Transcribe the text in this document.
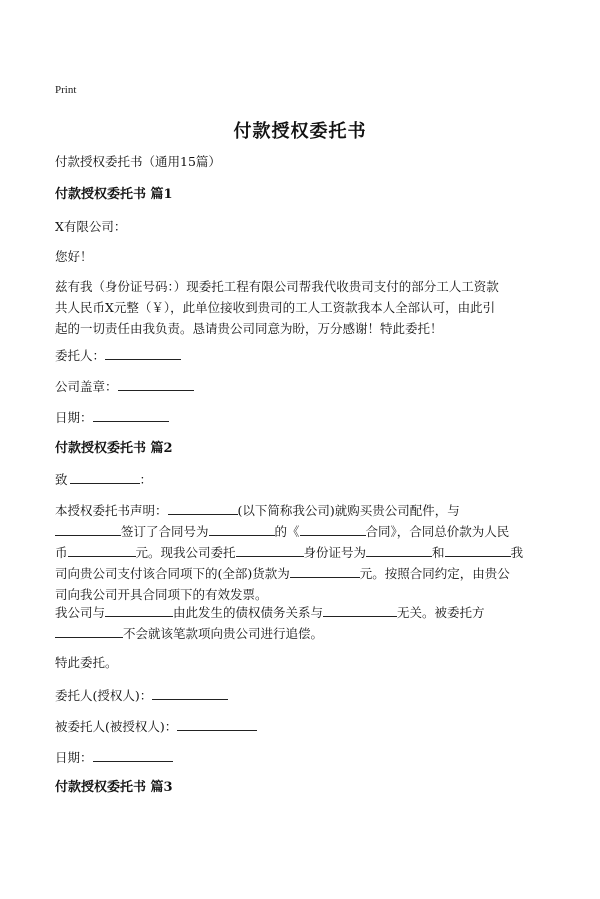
Print
付款授权委托书
付款授权委托书（通用15篇）
付款授权委托书 篇1
X有限公司：
您好！
兹有我（身份证号码：）现委托工程有限公司帮我代收贵司支付的部分工人工资款
共人民币X元整（￥），此单位接收到贵司的工人工资款我本人全部认可，由此引
起的一切责任由我负责。恳请贵公司同意为盼，万分感谢！特此委托！
委托人：
公司盖章：
日期：
付款授权委托书 篇2
致	：
本授权委托书声明：	(以下简称我公司)就购买贵公司配件，与
签订了合同号为	的《	合同》，合同总价款为人民
币	元。现我公司委托	身份证号为	和	我
司向贵公司支付该合同项下的(全部)货款为	元。按照合同约定，由贵公
司向我公司开具合同项下的有效发票。
我公司与	由此发生的债权债务关系与	无关。被委托方
不会就该笔款项向贵公司进行追偿。
特此委托。
委托人(授权人)：
被委托人(被授权人)：
日期：
付款授权委托书 篇3
